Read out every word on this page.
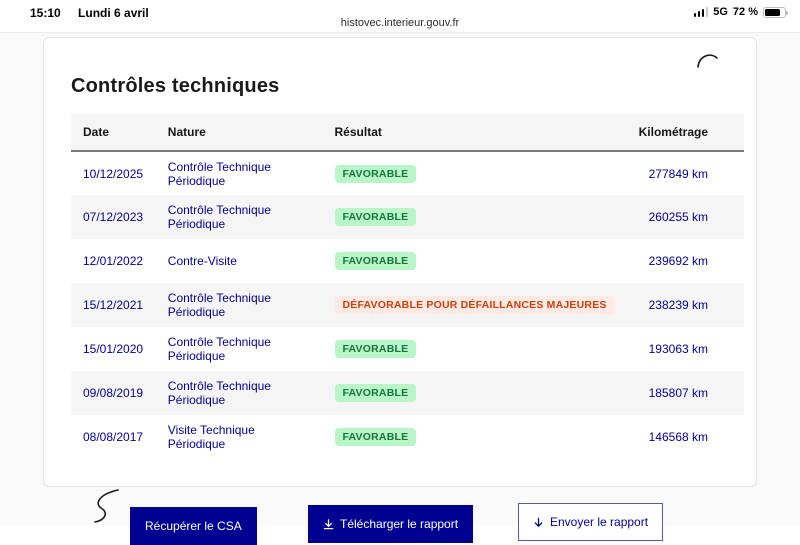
15:10 Lundi 6 avril
histovec.interieur.gouv.fr
5G 72 %
Contrôles techniques
Date	Nature	Résultat	Kilométrage
10/12/2025	Contrôle Technique Périodique	FAVORABLE	277849 km
07/12/2023	Contrôle Technique Périodique	FAVORABLE	260255 km
12/01/2022	Contre-Visite	FAVORABLE	239692 km
15/12/2021	Contrôle Technique Périodique	DÉFAVORABLE POUR DÉFAILLANCES MAJEURES	238239 km
15/01/2020	Contrôle Technique Périodique	FAVORABLE	193063 km
09/08/2019	Contrôle Technique Périodique	FAVORABLE	185807 km
08/08/2017	Visite Technique Périodique	FAVORABLE	146568 km
Récupérer le CSA	Télécharger le rapport	Envoyer le rapport
